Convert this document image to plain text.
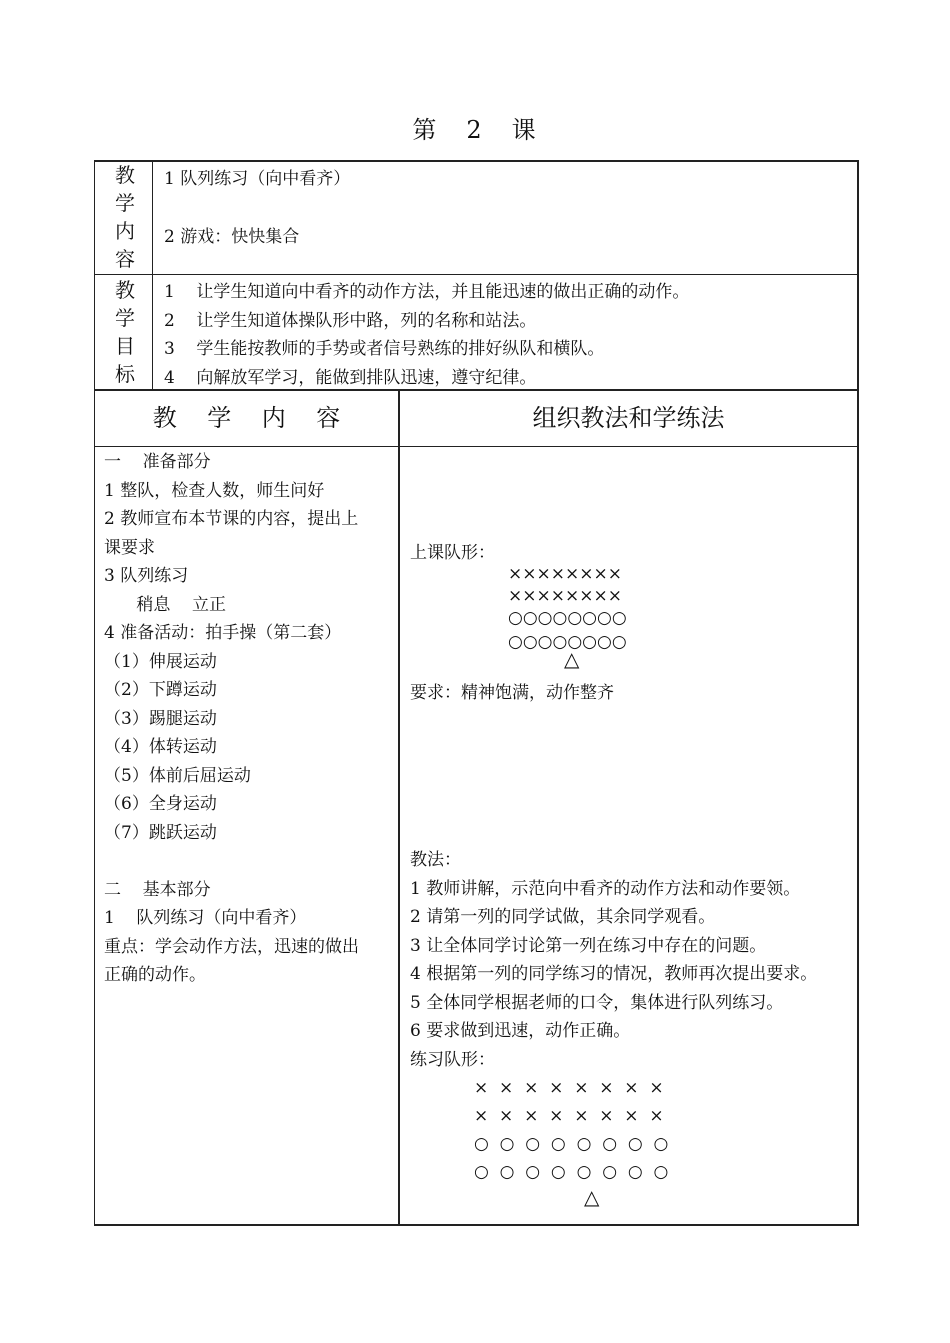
第 2 课
教
学
内
容
1 队列练习（向中看齐）
2 游戏：快快集合
教
学
目
标
1    让学生知道向中看齐的动作方法，并且能迅速的做出正确的动作。
2    让学生知道体操队形中路，列的名称和站法。
3    学生能按教师的手势或者信号熟练的排好纵队和横队。
4    向解放军学习，能做到排队迅速，遵守纪律。
教    学    内    容	组织教法和学练法
一    准备部分
1 整队，检查人数，师生问好
2 教师宣布本节课的内容，提出上
课要求
3 队列练习
稍息    立正
4 准备活动：拍手操（第二套）
（1）伸展运动
（2）下蹲运动
（3）踢腿运动
（4）体转运动
（5）体前后屈运动
（6）全身运动
（7）跳跃运动
二    基本部分
1    队列练习（向中看齐）
重点：学会动作方法，迅速的做出
正确的动作。
上课队形：
××××××××
××××××××
○○○○○○○○
○○○○○○○○
△
要求：精神饱满，动作整齐
教法：
1 教师讲解，示范向中看齐的动作方法和动作要领。
2 请第一列的同学试做，其余同学观看。
3 让全体同学讨论第一列在练习中存在的问题。
4 根据第一列的同学练习的情况，教师再次提出要求。
5 全体同学根据老师的口令，集体进行队列练习。
6 要求做到迅速，动作正确。
练习队形：
×  ×  ×  ×  ×  ×  ×  ×
×  ×  ×  ×  ×  ×  ×  ×
○  ○  ○  ○  ○  ○  ○  ○
○  ○  ○  ○  ○  ○  ○  ○
△
